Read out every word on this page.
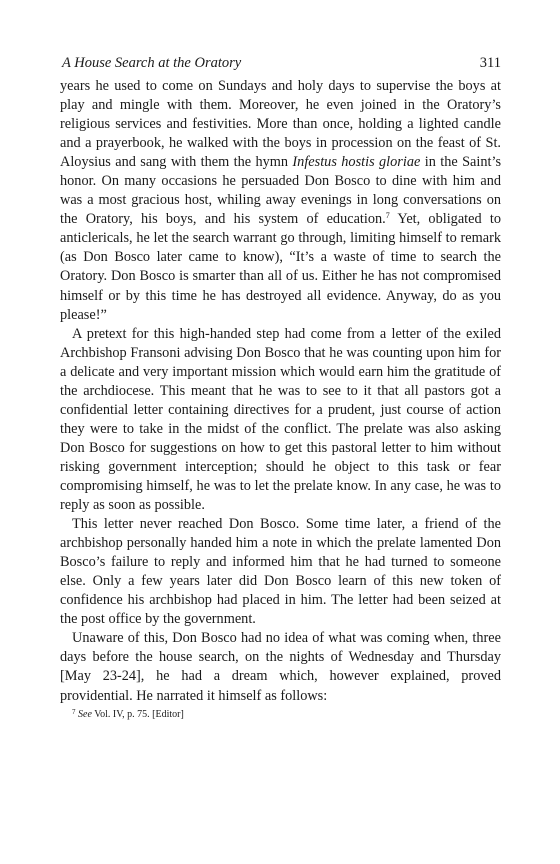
A House Search at the Oratory	311

years he used to come on Sundays and holy days to supervise the boys at play and mingle with them. Moreover, he even joined in the Oratory’s religious services and festivities. More than once, holding a lighted candle and a prayerbook, he walked with the boys in procession on the feast of St. Aloysius and sang with them the hymn Infestus hostis gloriae in the Saint’s honor. On many occasions he persuaded Don Bosco to dine with him and was a most gracious host, whiling away evenings in long conversations on the Oratory, his boys, and his system of education.$^7$ Yet, obligated to anticlericals, he let the search warrant go through, limiting himself to remark (as Don Bosco later came to know), “It’s a waste of time to search the Oratory. Don Bosco is smarter than all of us. Either he has not compromised himself or by this time he has destroyed all evidence. Anyway, do as you please!”

A pretext for this high-handed step had come from a letter of the exiled Archbishop Fransoni advising Don Bosco that he was counting upon him for a delicate and very important mission which would earn him the gratitude of the archdiocese. This meant that he was to see to it that all pastors got a confidential letter containing directives for a prudent, just course of action they were to take in the midst of the conflict. The prelate was also asking Don Bosco for suggestions on how to get this pastoral letter to him without risking government interception; should he object to this task or fear compromising himself, he was to let the prelate know. In any case, he was to reply as soon as possible.

This letter never reached Don Bosco. Some time later, a friend of the archbishop personally handed him a note in which the prelate lamented Don Bosco’s failure to reply and informed him that he had turned to someone else. Only a few years later did Don Bosco learn of this new token of confidence his archbishop had placed in him. The letter had been seized at the post office by the government.

Unaware of this, Don Bosco had no idea of what was coming when, three days before the house search, on the nights of Wednesday and Thursday [May 23-24], he had a dream which, however explained, proved providential. He narrated it himself as follows:

$^7$ See Vol. IV, p. 75. [Editor]
